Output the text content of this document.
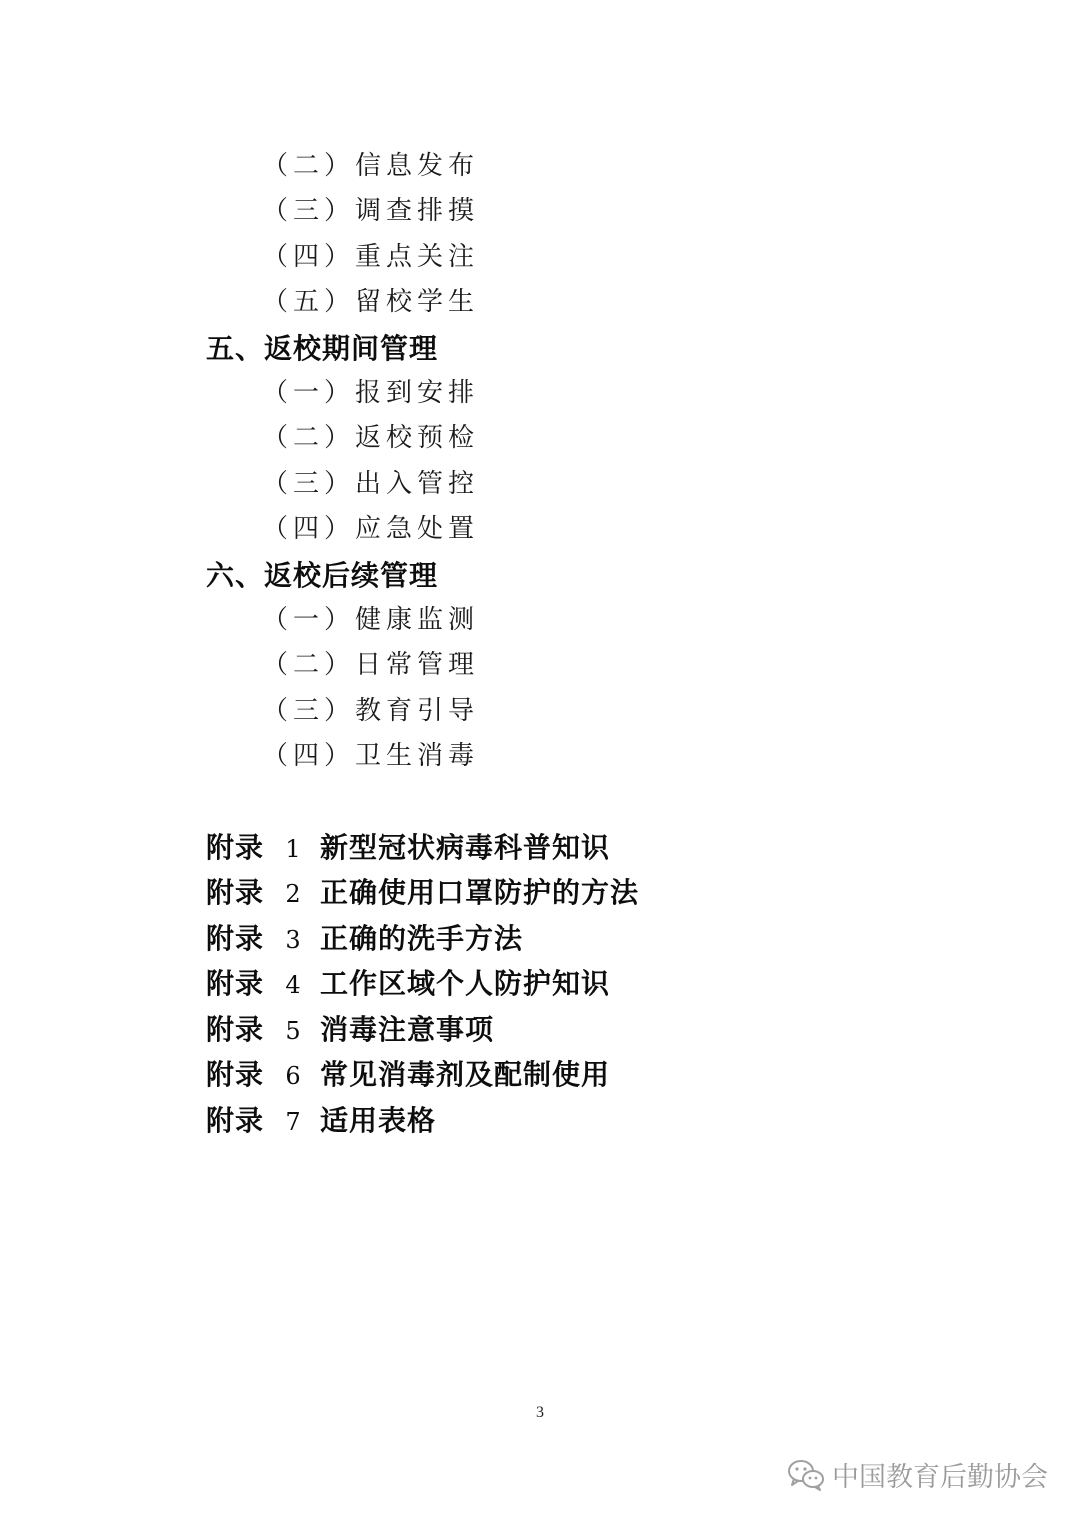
（二）信息发布
（三）调查排摸
（四）重点关注
（五）留校学生
五、返校期间管理
（一）报到安排
（二）返校预检
（三）出入管控
（四）应急处置
六、返校后续管理
（一）健康监测
（二）日常管理
（三）教育引导
（四）卫生消毒
附录 1 新型冠状病毒科普知识
附录 2 正确使用口罩防护的方法
附录 3 正确的洗手方法
附录 4 工作区域个人防护知识
附录 5 消毒注意事项
附录 6 常见消毒剂及配制使用
附录 7 适用表格
3
中国教育后勤协会
